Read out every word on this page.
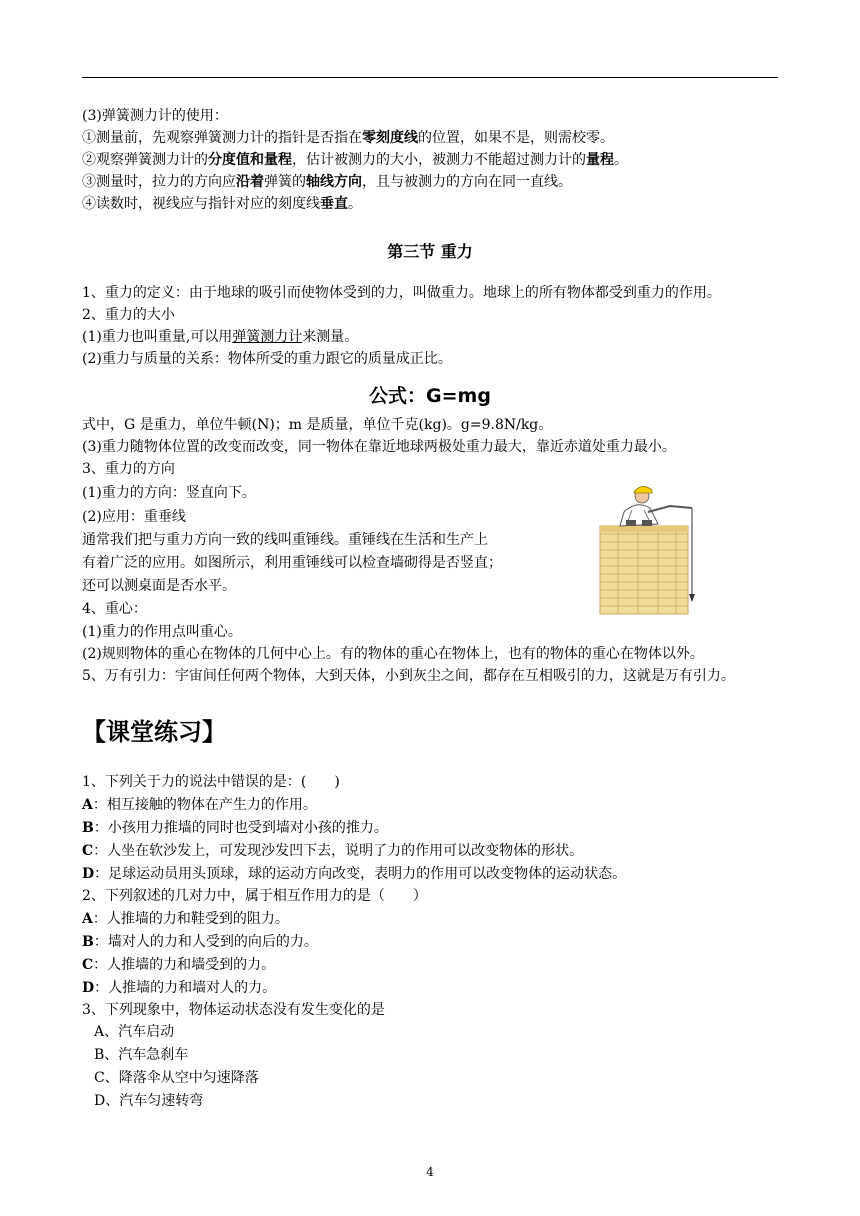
(3)弹簧测力计的使用：
①测量前，先观察弹簧测力计的指针是否指在零刻度线的位置，如果不是，则需校零。
②观察弹簧测力计的分度值和量程，估计被测力的大小，被测力不能超过测力计的量程。
③测量时，拉力的方向应沿着弹簧的轴线方向，且与被测力的方向在同一直线。
④读数时，视线应与指针对应的刻度线垂直。
第三节 重力
1、重力的定义：由于地球的吸引而使物体受到的力，叫做重力。地球上的所有物体都受到重力的作用。
2、重力的大小
(1)重力也叫重量,可以用弹簧测力计来测量。
(2)重力与质量的关系：物体所受的重力跟它的质量成正比。
公式：G=mg
式中，G 是重力，单位牛顿(N)；m 是质量，单位千克(kg)。g=9.8N/kg。
(3)重力随物体位置的改变而改变，同一物体在靠近地球两极处重力最大，靠近赤道处重力最小。
3、重力的方向
(1)重力的方向：竖直向下。
(2)应用：重垂线
通常我们把与重力方向一致的线叫重锤线。重锤线在生活和生产上
有着广泛的应用。如图所示，利用重锤线可以检查墙砌得是否竖直；
还可以测桌面是否水平。
4、重心：
(1)重力的作用点叫重心。
(2)规则物体的重心在物体的几何中心上。有的物体的重心在物体上，也有的物体的重心在物体以外。
5、万有引力：宇宙间任何两个物体，大到天体，小到灰尘之间，都存在互相吸引的力，这就是万有引力。
【课堂练习】
1、下列关于力的说法中错误的是：(　　)
A：相互接触的物体在产生力的作用。
B：小孩用力推墙的同时也受到墙对小孩的推力。
C：人坐在软沙发上，可发现沙发凹下去，说明了力的作用可以改变物体的形状。
D：足球运动员用头顶球，球的运动方向改变，表明力的作用可以改变物体的运动状态。
2、下列叙述的几对力中，属于相互作用力的是（　　）
A：人推墙的力和鞋受到的阻力。
B：墙对人的力和人受到的向后的力。
C：人推墙的力和墙受到的力。
D：人推墙的力和墙对人的力。
3、下列现象中，物体运动状态没有发生变化的是
A、汽车启动
B、汽车急刹车
C、降落伞从空中匀速降落
D、汽车匀速转弯
4
